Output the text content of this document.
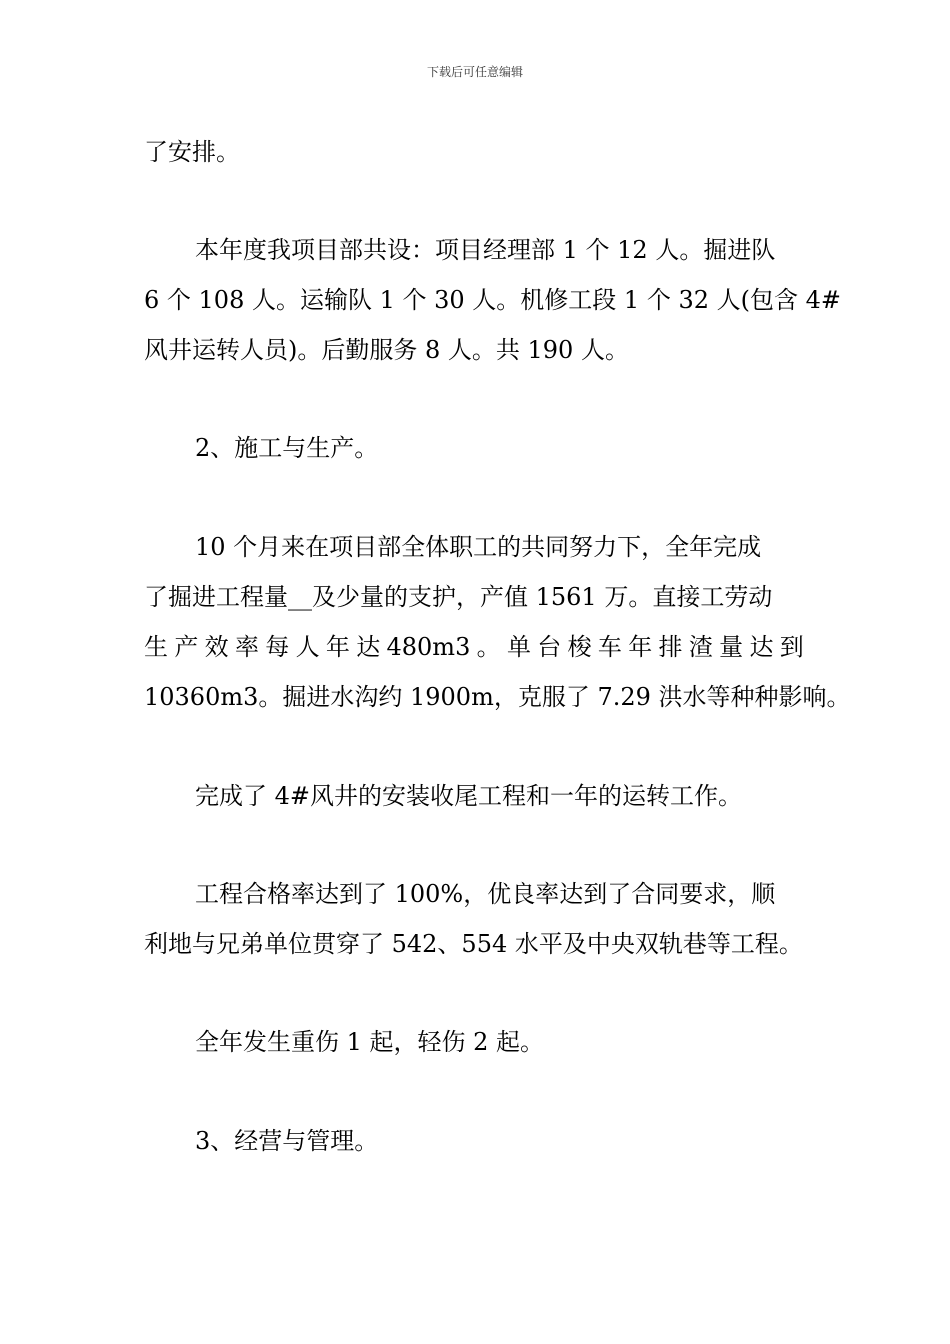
下载后可任意编辑
了安排。
本年度我项目部共设：项目经理部 1 个 12 人。掘进队
6 个 108 人。运输队 1 个 30 人。机修工段 1 个 32 人(包含 4#
风井运转人员)。后勤服务 8 人。共 190 人。
2、施工与生产。
10 个月来在项目部全体职工的共同努力下，全年完成
了掘进工程量__及少量的支护，产值 1561 万。直接工劳动
生 产 效 率 每 人 年 达 480m3 。 单 台 梭 车 年 排 渣 量 达 到
10360m3。掘进水沟约 1900m，克服了 7.29 洪水等种种影响。
完成了 4#风井的安装收尾工程和一年的运转工作。
工程合格率达到了 100%，优良率达到了合同要求，顺
利地与兄弟单位贯穿了 542、554 水平及中央双轨巷等工程。
全年发生重伤 1 起，轻伤 2 起。
3、经营与管理。
